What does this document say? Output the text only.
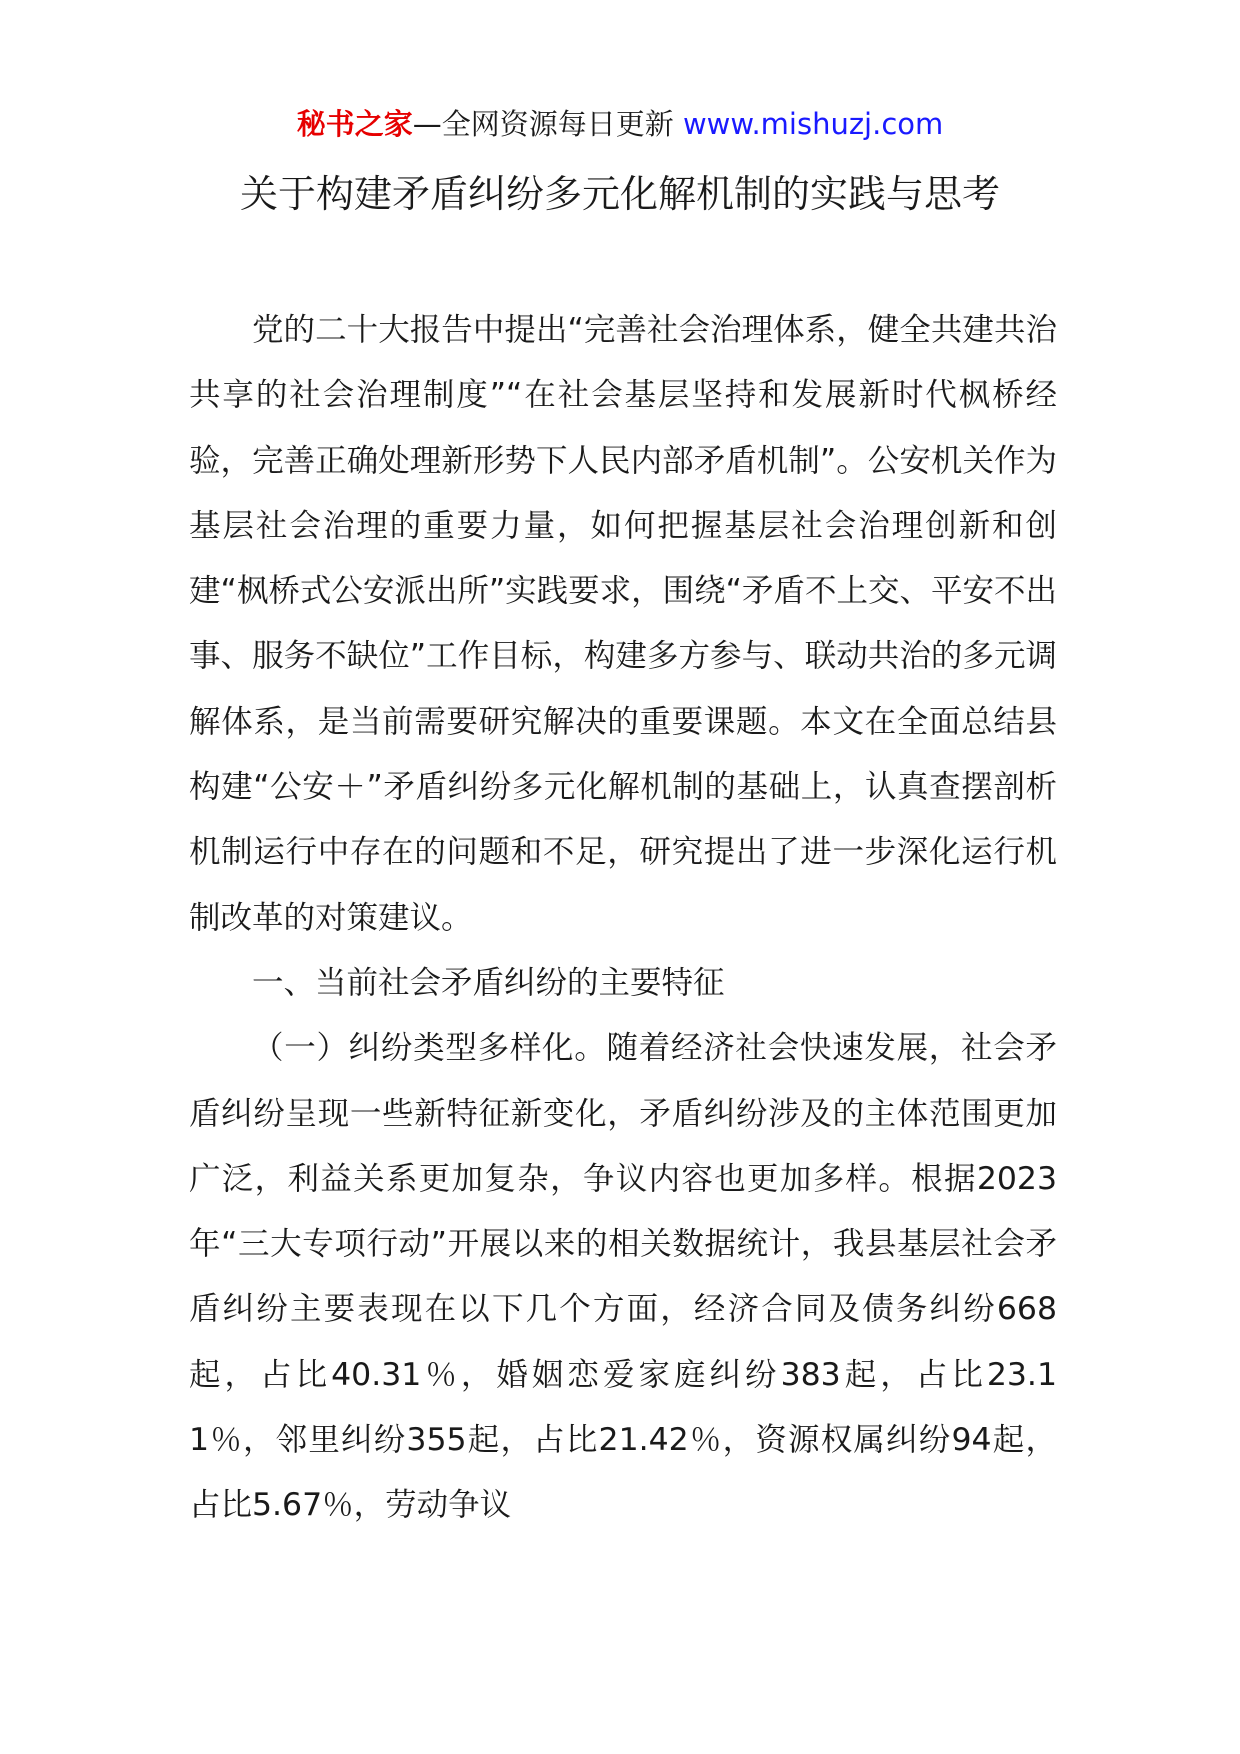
秘书之家—全网资源每日更新 www.mishuzj.com
关于构建矛盾纠纷多元化解机制的实践与思考

党的二十大报告中提出“完善社会治理体系，健全共建共治共享的社会治理制度”“在社会基层坚持和发展新时代枫桥经验，完善正确处理新形势下人民内部矛盾机制”。公安机关作为基层社会治理的重要力量，如何把握基层社会治理创新和创建“枫桥式公安派出所”实践要求，围绕“矛盾不上交、平安不出事、服务不缺位”工作目标，构建多方参与、联动共治的多元调解体系，是当前需要研究解决的重要课题。本文在全面总结县构建“公安＋”矛盾纠纷多元化解机制的基础上，认真查摆剖析机制运行中存在的问题和不足，研究提出了进一步深化运行机制改革的对策建议。

一、当前社会矛盾纠纷的主要特征

（一）纠纷类型多样化。随着经济社会快速发展，社会矛盾纠纷呈现一些新特征新变化，矛盾纠纷涉及的主体范围更加广泛，利益关系更加复杂，争议内容也更加多样。根据2023年“三大专项行动”开展以来的相关数据统计，我县基层社会矛盾纠纷主要表现在以下几个方面，经济合同及债务纠纷668起，占比40.31％，婚姻恋爱家庭纠纷383起，占比23.11％，邻里纠纷355起，占比21.42％，资源权属纠纷94起，占比5.67％，劳动争议
